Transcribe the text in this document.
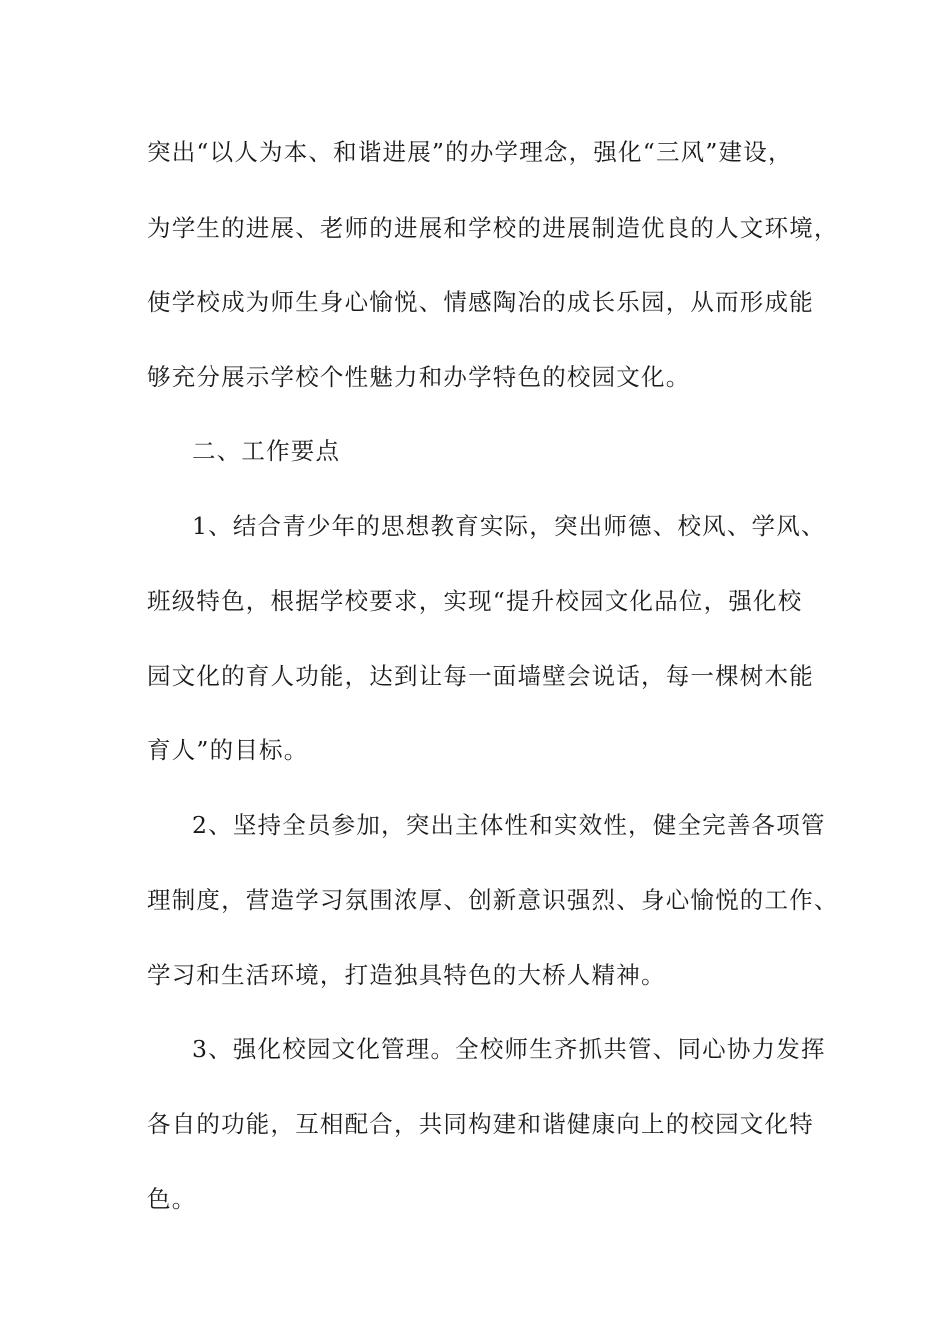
突出“以人为本、和谐进展”的办学理念，强化“三风”建设，

为学生的进展、老师的进展和学校的进展制造优良的人文环境，

使学校成为师生身心愉悦、情感陶冶的成长乐园，从而形成能

够充分展示学校个性魅力和办学特色的校园文化。

二、工作要点

1、结合青少年的思想教育实际，突出师德、校风、学风、

班级特色，根据学校要求，实现“提升校园文化品位，强化校

园文化的育人功能，达到让每一面墙壁会说话，每一棵树木能

育人”的目标。

2、坚持全员参加，突出主体性和实效性，健全完善各项管

理制度，营造学习氛围浓厚、创新意识强烈、身心愉悦的工作、

学习和生活环境，打造独具特色的大桥人精神。

3、强化校园文化管理。全校师生齐抓共管、同心协力发挥

各自的功能，互相配合，共同构建和谐健康向上的校园文化特

色。
